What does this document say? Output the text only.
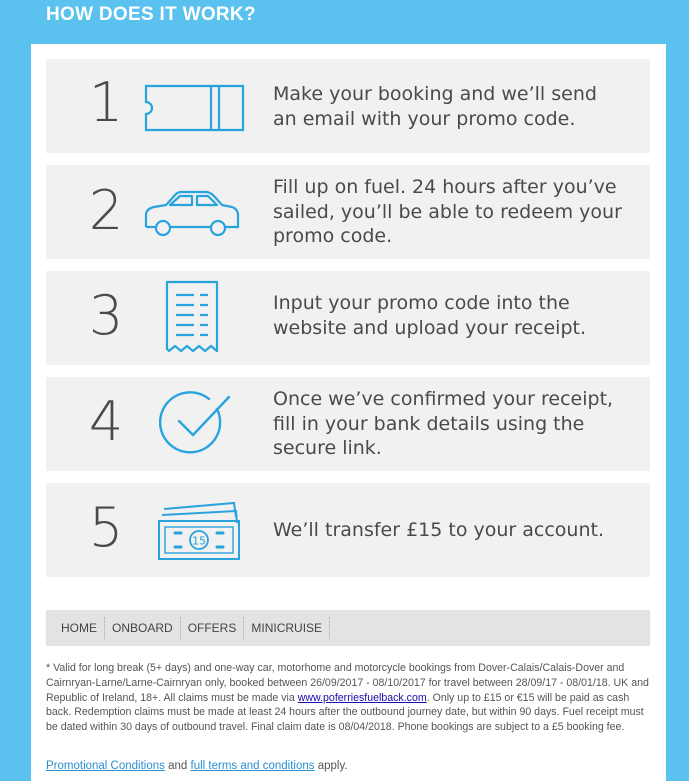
HOW DOES IT WORK?
1	Make your booking and we’ll send
an email with your promo code.
2	Fill up on fuel. 24 hours after you’ve
sailed, you’ll be able to redeem your
promo code.
3	Input your promo code into the
website and upload your receipt.
4	Once we’ve confirmed your receipt,
fill in your bank details using the
secure link.
5	15	We’ll transfer £15 to your account.
HOME	ONBOARD	OFFERS	MINICRUISE
* Valid for long break (5+ days) and one-way car, motorhome and motorcycle bookings from Dover-Calais/Calais-Dover and Cairnryan-Larne/Larne-Cairnryan only, booked between 26/09/2017 - 08/10/2017 for travel between 28/09/17 - 08/01/18. UK and Republic of Ireland, 18+. All claims must be made via www.poferriesfuelback.com. Only up to £15 or €15 will be paid as cash back. Redemption claims must be made at least 24 hours after the outbound journey date, but within 90 days. Fuel receipt must be dated within 30 days of outbound travel. Final claim date is 08/04/2018. Phone bookings are subject to a £5 booking fee.
Promotional Conditions and full terms and conditions apply.
